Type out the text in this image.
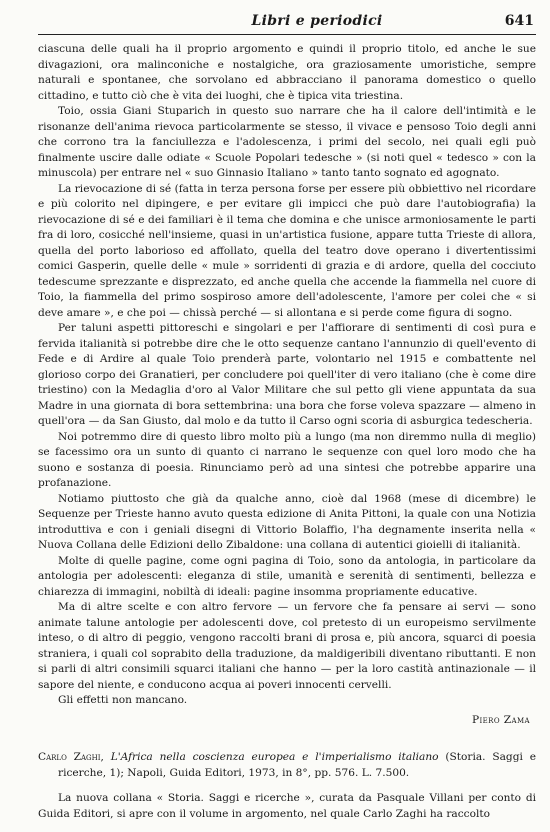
Libri e periodici	641

ciascuna delle quali ha il proprio argomento e quindi il proprio titolo, ed anche le sue divagazioni, ora malinconiche e nostalgiche, ora graziosamente umoristiche, sempre naturali e spontanee, che sorvolano ed abbracciano il panorama domestico o quello cittadino, e tutto ciò che è vita dei luoghi, che è tipica vita triestina.

Toio, ossia Giani Stuparich in questo suo narrare che ha il calore dell'intimità e le risonanze dell'anima rievoca particolarmente se stesso, il vivace e pensoso Toio degli anni che corrono tra la fanciullezza e l'adolescenza, i primi del secolo, nei quali egli può finalmente uscire dalle odiate « Scuole Popolari tedesche » (si noti quel « tedesco » con la minuscola) per entrare nel « suo Ginnasio Italiano » tanto tanto sognato ed agognato.

La rievocazione di sé (fatta in terza persona forse per essere più obbiettivo nel ricordare e più colorito nel dipingere, e per evitare gli impicci che può dare l'autobiografia) la rievocazione di sé e dei familiari è il tema che domina e che unisce armoniosamente le parti fra di loro, cosicché nell'insieme, quasi in un'artistica fusione, appare tutta Trieste di allora, quella del porto laborioso ed affollato, quella del teatro dove operano i divertentissimi comici Gasperin, quelle delle « mule » sorridenti di grazia e di ardore, quella del cocciuto tedescume sprezzante e disprezzato, ed anche quella che accende la fiammella nel cuore di Toio, la fiammella del primo sospiroso amore dell'adolescente, l'amore per colei che « si deve amare », e che poi — chissà perché — si allontana e si perde come figura di sogno.

Per taluni aspetti pittoreschi e singolari e per l'affiorare di sentimenti di così pura e fervida italianità si potrebbe dire che le otto sequenze cantano l'annunzio di quell'evento di Fede e di Ardire al quale Toio prenderà parte, volontario nel 1915 e combattente nel glorioso corpo dei Granatieri, per concludere poi quell'iter di vero italiano (che è come dire triestino) con la Medaglia d'oro al Valor Militare che sul petto gli viene appuntata da sua Madre in una giornata di bora settembrina: una bora che forse voleva spazzare — almeno in quell'ora — da San Giusto, dal molo e da tutto il Carso ogni scoria di asburgica tedescheria.

Noi potremmo dire di questo libro molto più a lungo (ma non diremmo nulla di meglio) se facessimo ora un sunto di quanto ci narrano le sequenze con quel loro modo che ha suono e sostanza di poesia. Rinunciamo però ad una sintesi che potrebbe apparire una profanazione.

Notiamo piuttosto che già da qualche anno, cioè dal 1968 (mese di dicembre) le Sequenze per Trieste hanno avuto questa edizione di Anita Pittoni, la quale con una Notizia introduttiva e con i geniali disegni di Vittorio Bolaffio, l'ha degnamente inserita nella « Nuova Collana delle Edizioni dello Zibaldone: una collana di autentici gioielli di italianità.

Molte di quelle pagine, come ogni pagina di Toio, sono da antologia, in particolare da antologia per adolescenti: eleganza di stile, umanità e serenità di sentimenti, bellezza e chiarezza di immagini, nobiltà di ideali: pagine insomma propriamente educative.

Ma di altre scelte e con altro fervore — un fervore che fa pensare ai servi — sono animate talune antologie per adolescenti dove, col pretesto di un europeismo servilmente inteso, o di altro di peggio, vengono raccolti brani di prosa e, più ancora, squarci di poesia straniera, i quali col soprabito della traduzione, da maldigeribili diventano ributtanti. E non si parli di altri consimili squarci italiani che hanno — per la loro castità antinazionale — il sapore del niente, e conducono acqua ai poveri innocenti cervelli.

Gli effetti non mancano.

Piero Zama
Carlo Zaghi, L'Africa nella coscienza europea e l'imperialismo italiano (Storia. Saggi e ricerche, 1); Napoli, Guida Editori, 1973, in 8°, pp. 576. L. 7.500.

La nuova collana « Storia. Saggi e ricerche », curata da Pasquale Villani per conto di Guida Editori, si apre con il volume in argomento, nel quale Carlo Zaghi ha raccolto
